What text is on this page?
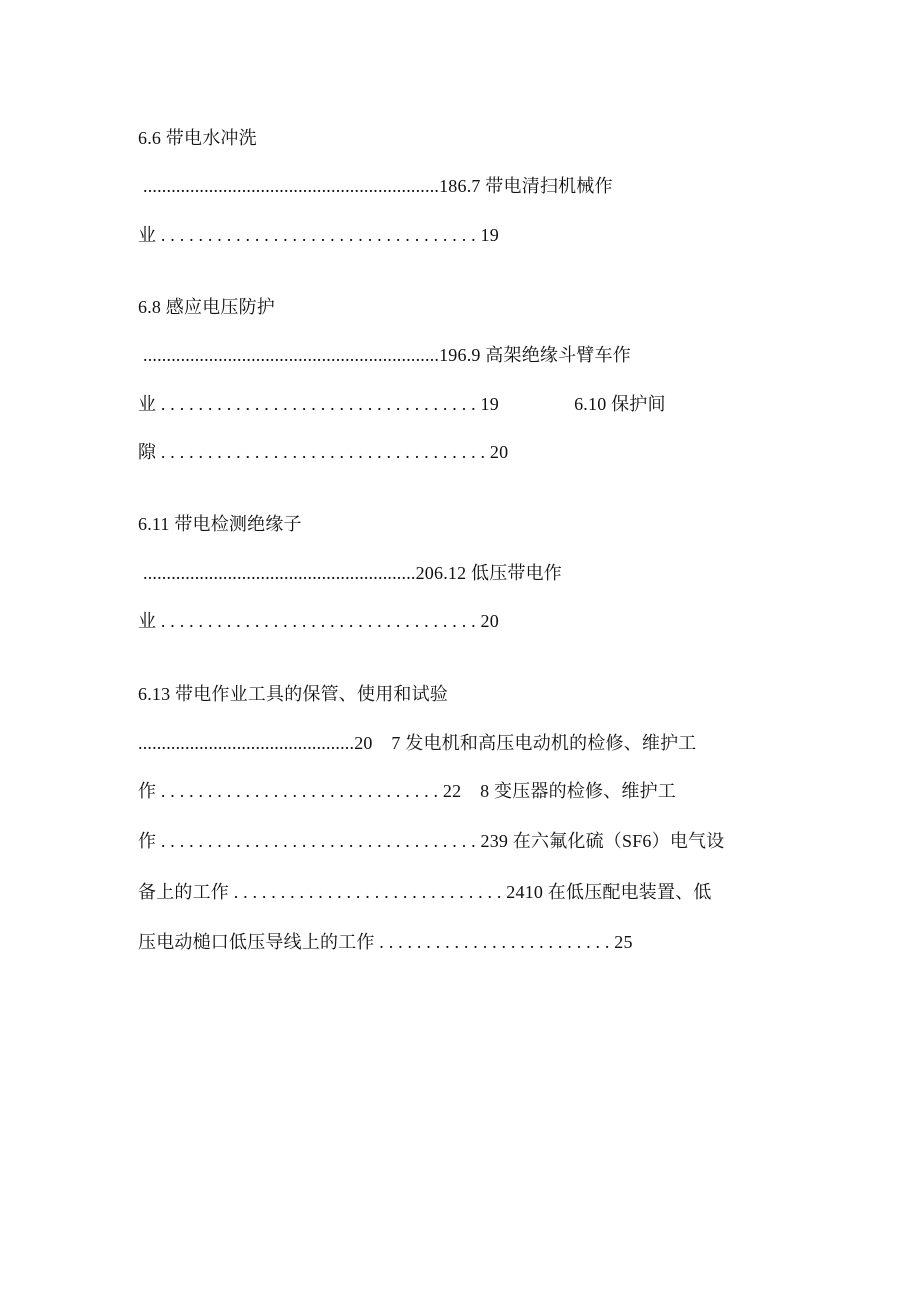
6.6 带电水冲洗
...............................................................186.7 带电清扫机械作
业 . . . . . . . . . . . . . . . . . . . . . . . . . . . . . . . . . . 19
6.8 感应电压防护
...............................................................196.9 高架绝缘斗臂车作
业 . . . . . . . . . . . . . . . . . . . . . . . . . . . . . . . . . . 19                6.10 保护间
隙 . . . . . . . . . . . . . . . . . . . . . . . . . . . . . . . . . . . 20
6.11 带电检测绝缘子
..........................................................206.12 低压带电作
业 . . . . . . . . . . . . . . . . . . . . . . . . . . . . . . . . . . 20
6.13 带电作业工具的保管、使用和试验
..............................................20    7 发电机和高压电动机的检修、维护工
作 . . . . . . . . . . . . . . . . . . . . . . . . . . . . . . 22    8 变压器的检修、维护工
作 . . . . . . . . . . . . . . . . . . . . . . . . . . . . . . . . . . 239 在六氟化硫（SF6）电气设
备上的工作 . . . . . . . . . . . . . . . . . . . . . . . . . . . . . 2410 在低压配电装置、低
压电动槌口低压导线上的工作 . . . . . . . . . . . . . . . . . . . . . . . . . 25
